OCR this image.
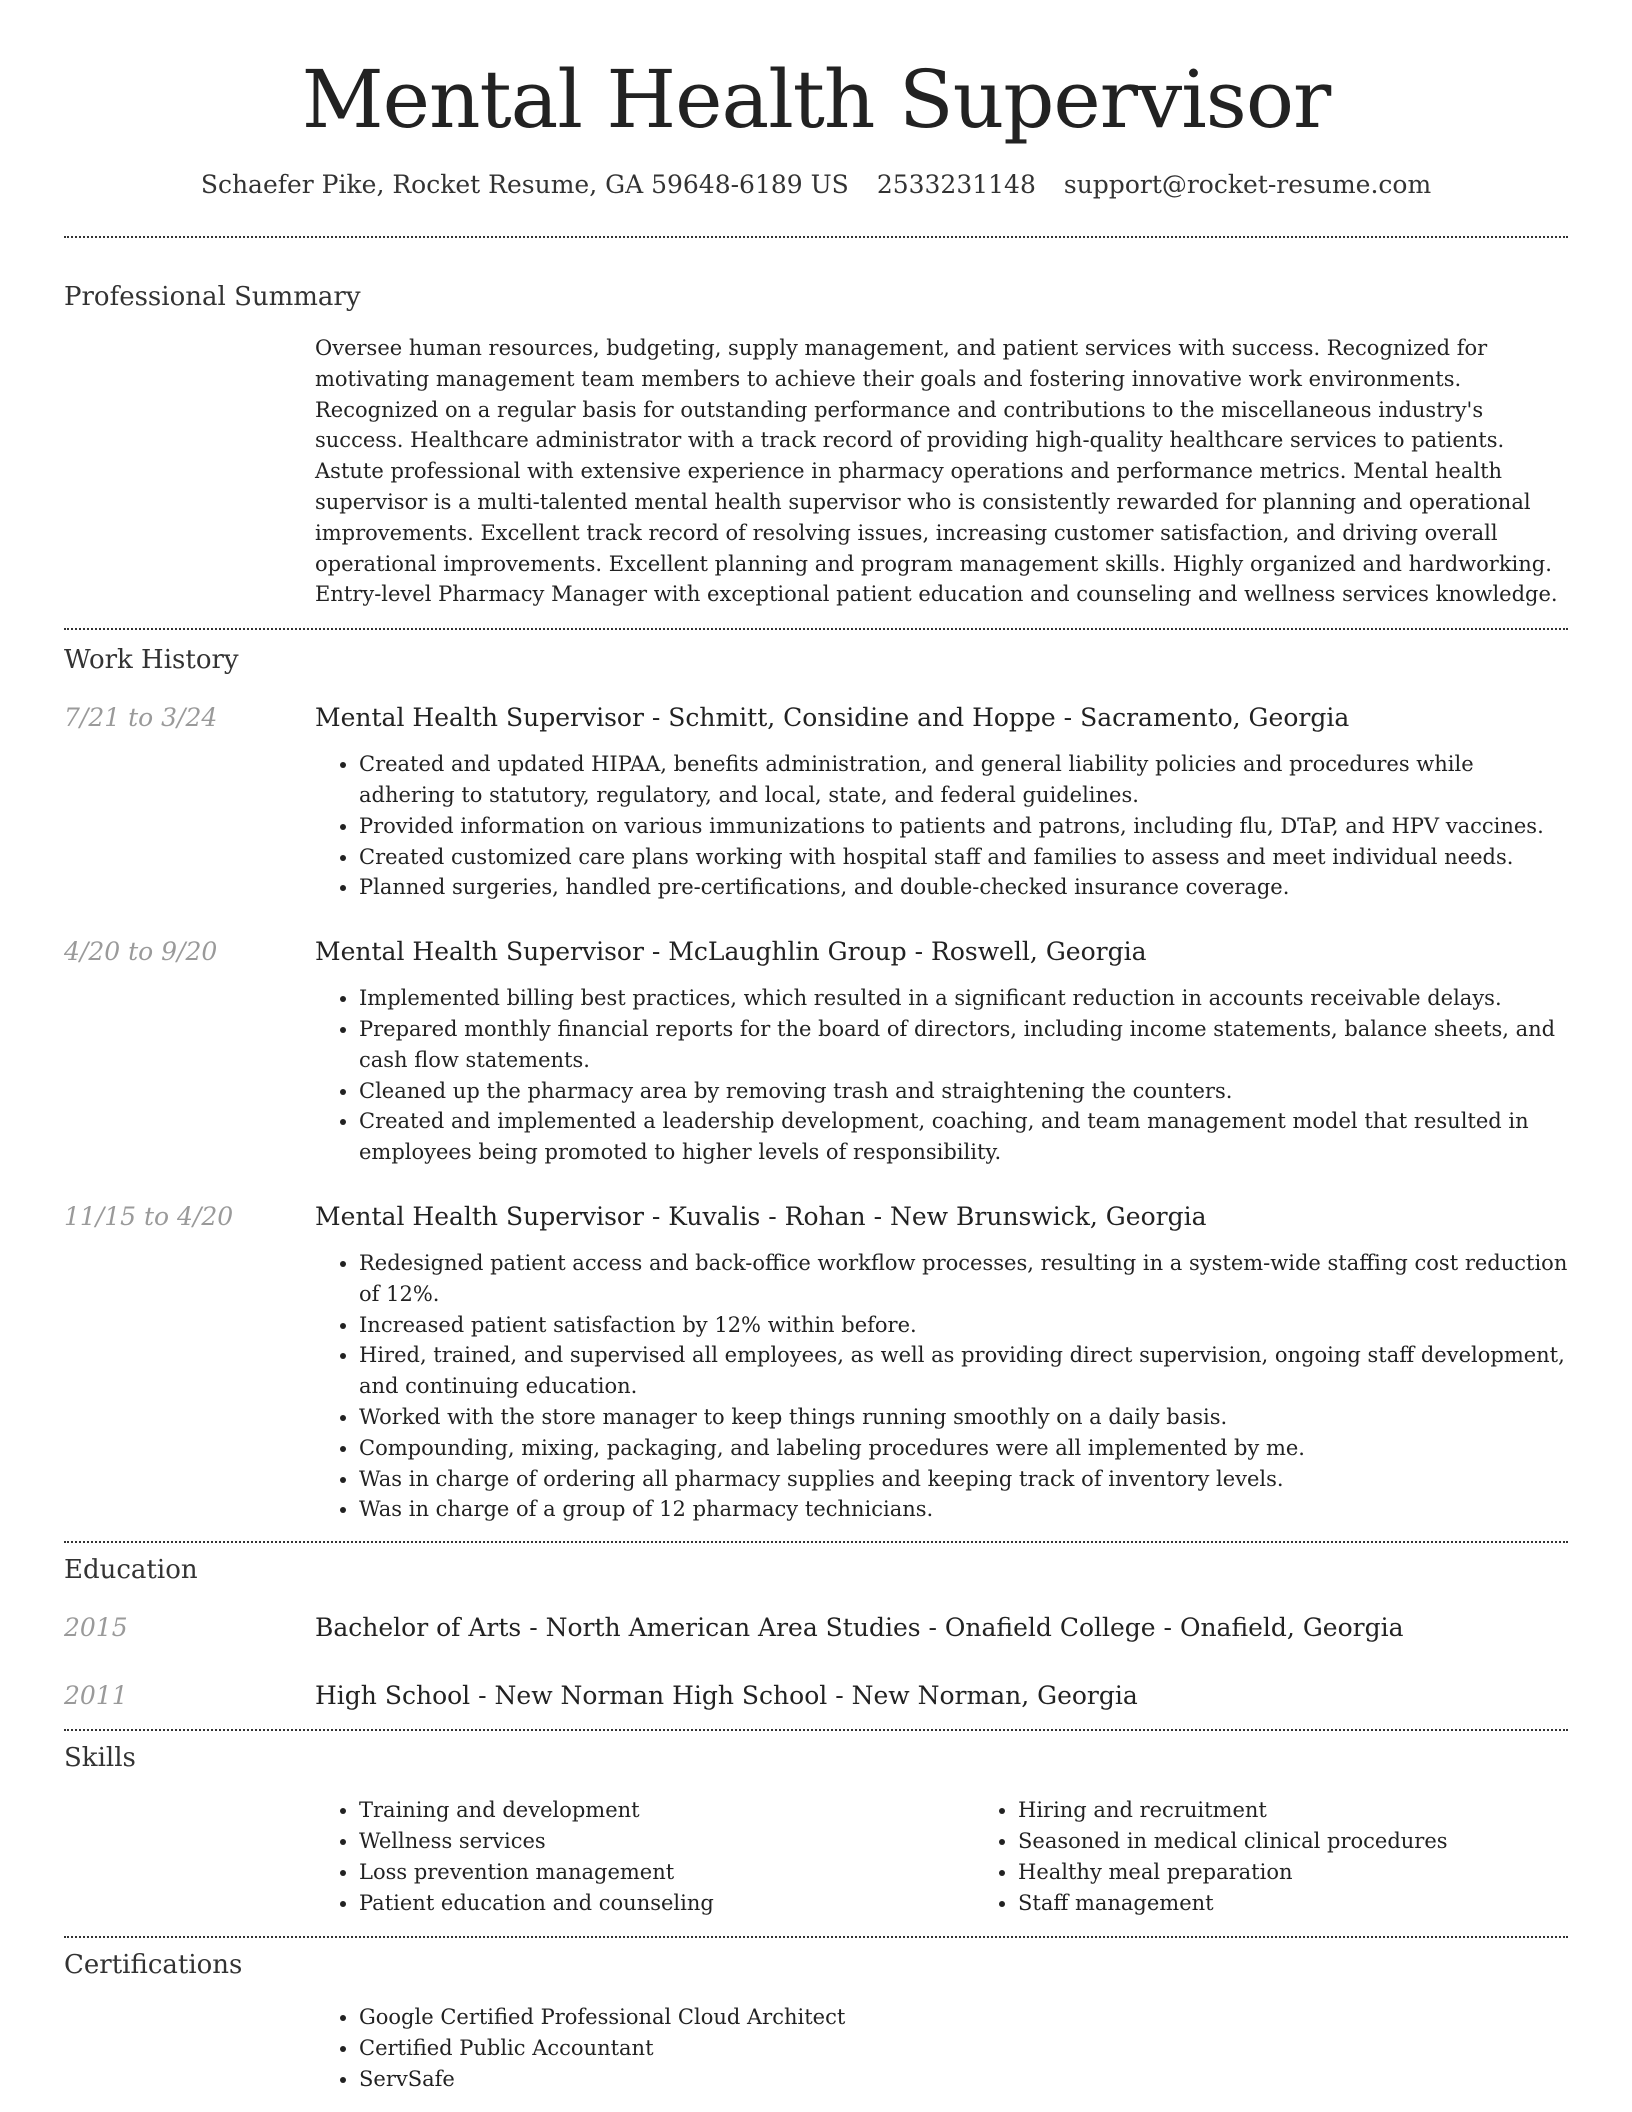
Mental Health Supervisor
Schaefer Pike, Rocket Resume, GA 59648-6189 US 2533231148 support@rocket-resume.com
Professional Summary
Oversee human resources, budgeting, supply management, and patient services with success. Recognized for motivating management team members to achieve their goals and fostering innovative work environments. Recognized on a regular basis for outstanding performance and contributions to the miscellaneous industry's success. Healthcare administrator with a track record of providing high-quality healthcare services to patients. Astute professional with extensive experience in pharmacy operations and performance metrics. Mental health supervisor is a multi-talented mental health supervisor who is consistently rewarded for planning and operational improvements. Excellent track record of resolving issues, increasing customer satisfaction, and driving overall operational improvements. Excellent planning and program management skills. Highly organized and hardworking. Entry-level Pharmacy Manager with exceptional patient education and counseling and wellness services knowledge.
Work History
7/21 to 3/24	Mental Health Supervisor - Schmitt, Considine and Hoppe - Sacramento, Georgia
• Created and updated HIPAA, benefits administration, and general liability policies and procedures while adhering to statutory, regulatory, and local, state, and federal guidelines.
• Provided information on various immunizations to patients and patrons, including flu, DTaP, and HPV vaccines.
• Created customized care plans working with hospital staff and families to assess and meet individual needs.
• Planned surgeries, handled pre-certifications, and double-checked insurance coverage.
4/20 to 9/20	Mental Health Supervisor - McLaughlin Group - Roswell, Georgia
• Implemented billing best practices, which resulted in a significant reduction in accounts receivable delays.
• Prepared monthly financial reports for the board of directors, including income statements, balance sheets, and cash flow statements.
• Cleaned up the pharmacy area by removing trash and straightening the counters.
• Created and implemented a leadership development, coaching, and team management model that resulted in employees being promoted to higher levels of responsibility.
11/15 to 4/20	Mental Health Supervisor - Kuvalis - Rohan - New Brunswick, Georgia
• Redesigned patient access and back-office workflow processes, resulting in a system-wide staffing cost reduction of 12%.
• Increased patient satisfaction by 12% within before.
• Hired, trained, and supervised all employees, as well as providing direct supervision, ongoing staff development, and continuing education.
• Worked with the store manager to keep things running smoothly on a daily basis.
• Compounding, mixing, packaging, and labeling procedures were all implemented by me.
• Was in charge of ordering all pharmacy supplies and keeping track of inventory levels.
• Was in charge of a group of 12 pharmacy technicians.
Education
2015	Bachelor of Arts - North American Area Studies - Onafield College - Onafield, Georgia
2011	High School - New Norman High School - New Norman, Georgia
Skills
• Training and development
• Wellness services
• Loss prevention management
• Patient education and counseling
• Hiring and recruitment
• Seasoned in medical clinical procedures
• Healthy meal preparation
• Staff management
Certifications
• Google Certified Professional Cloud Architect
• Certified Public Accountant
• ServSafe
